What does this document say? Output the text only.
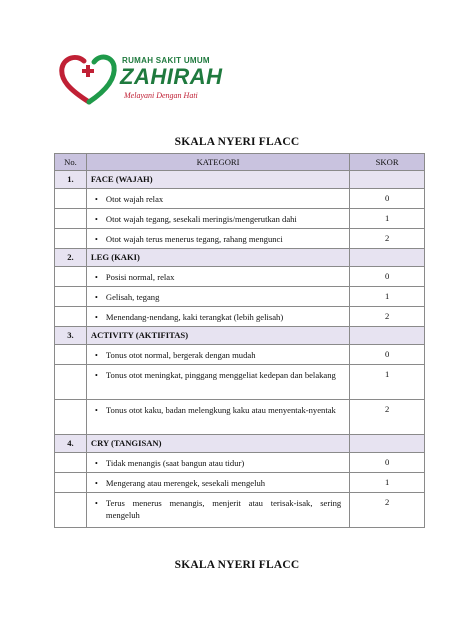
RUMAH SAKIT UMUM
ZAHIRAH
Melayani Dengan Hati
SKALA NYERI FLACC
No.	KATEGORI	SKOR
1.	FACE (WAJAH)	

	• Otot wajah relax	0

	• Otot wajah tegang, sesekali meringis/mengerutkan dahi	1

	• Otot wajah terus menerus tegang, rahang mengunci	2
2.	LEG (KAKI)	

	• Posisi normal, relax	0

	• Gelisah, tegang	1

	• Menendang-nendang, kaki terangkat (lebih gelisah)	2
3.	ACTIVITY (AKTIFITAS)	

	• Tonus otot normal, bergerak dengan mudah	0

	• Tonus otot meningkat, pinggang menggeliat kedepan dan belakang	1

	• Tonus otot kaku, badan melengkung kaku atau menyentak-nyentak	2
4.	CRY (TANGISAN)	

	• Tidak menangis (saat bangun atau tidur)	0

	• Mengerang atau merengek, sesekali mengeluh	1

	• Terus menerus menangis, menjerit atau terisak-isak, sering mengeluh	2
SKALA NYERI FLACC
